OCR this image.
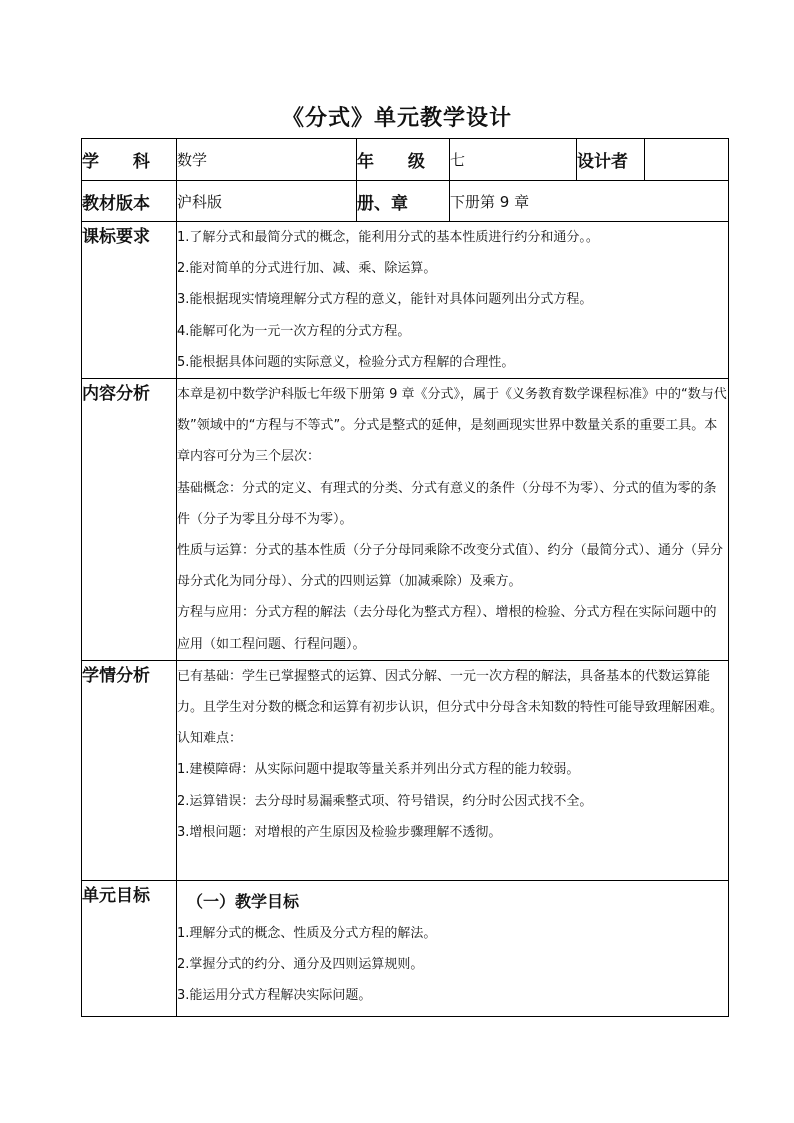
《分式》单元教学设计
学 科	数学	年 级	七	设计者	
教材版本	沪科版	册、章	下册第 9 章		
课标要求	1.了解分式和最简分式的概念，能利用分式的基本性质进行约分和通分。。

2.能对简单的分式进行加、减、乘、除运算。

3.能根据现实情境理解分式方程的意义，能针对具体问题列出分式方程。

4.能解可化为一元一次方程的分式方程。

5.能根据具体问题的实际意义，检验分式方程解的合理性。				

内容分析	本章是初中数学沪科版七年级下册第 9 章《分式》，属于《义务教育数学课程标准》中的“数与代数”领域中的“方程与不等式”。分式是整式的延伸，是刻画现实世界中数量关系的重要工具。本章内容可分为三个层次：

基础概念：分式的定义、有理式的分类、分式有意义的条件（分母不为零）、分式的值为零的条件（分子为零且分母不为零）。

性质与运算：分式的基本性质（分子分母同乘除不改变分式值）、约分（最简分式）、通分（异分母分式化为同分母）、分式的四则运算（加减乘除）及乘方。

方程与应用：分式方程的解法（去分母化为整式方程）、增根的检验、分式方程在实际问题中的应用（如工程问题、行程问题）。				

学情分析	已有基础：学生已掌握整式的运算、因式分解、一元一次方程的解法，具备基本的代数运算能力。且学生对分数的概念和运算有初步认识，但分式中分母含未知数的特性可能导致理解困难。

认知难点：

1.建模障碍：从实际问题中提取等量关系并列出分式方程的能力较弱。

2.运算错误：去分母时易漏乘整式项、符号错误，约分时公因式找不全。

3.增根问题：对增根的产生原因及检验步骤理解不透彻。				

单元目标	（一）教学目标

1.理解分式的概念、性质及分式方程的解法。

2.掌握分式的约分、通分及四则运算规则。

3.能运用分式方程解决实际问题。				
